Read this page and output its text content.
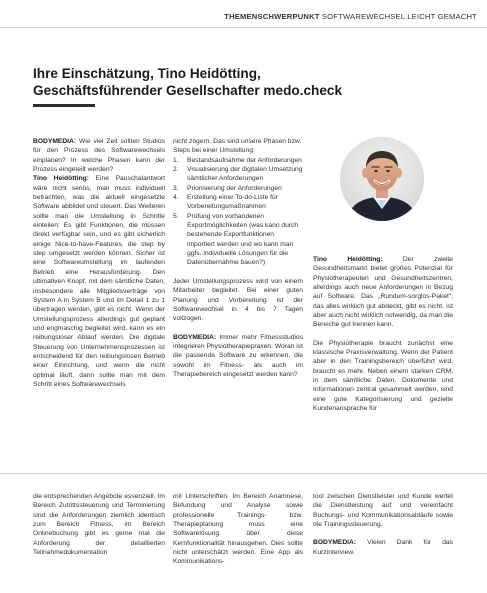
THEMENSCHWERPUNKT SOFTWAREWECHSEL LEICHT GEMACHT
Ihre Einschätzung, Tino Heidötting,
Geschäftsführender Gesellschafter medo.check

BODYMEDIA: Wie viel Zeit sollten Studios für den Prozess des Softwarewechsels einplanen? In welche Phasen kann der Prozess eingeteilt werden?

Tino Heidötting: Eine Pauschalantwort wäre nicht seriös, man muss individuell betrachten, was die aktuell eingesetzte Software abbildet und steuert. Das Weiteren sollte man die Umstellung in Schritte einteilen: Es gibt Funktionen, die müssen direkt verfügbar sein, und es gibt sicherlich einige Nice-to-have-Features, die step by step umgesetzt werden können. Sicher ist eine Softwareumstellung im laufenden Betrieb eine Herausforderung. Den ultimativen Knopf, mit dem sämtliche Daten, insbesondere alle Mitgliedsverträge von System A in System B und im Detail 1 zu 1 übertragen werden, gibt es nicht. Wenn der Umstellungsprozess allerdings gut geplant und engmaschig begleitet wird, kann es ein reibungsloser Ablauf werden. Die digitale Steuerung von Unternehmensprozessen ist entscheidend für den reibungslosen Betrieb einer Einrichtung, und wenn die nicht optimal läuft, dann sollte man mit dem Schritt eines Softwarewechsels

nicht zögern. Das sind unsere Phasen bzw. Steps bei einer Umstellung:

1. Bestandsaufnahme der Anforderungen
2. Visualisierung der digitalen Umsetzung sämtlicher Anforderungen
3. Priorisierung der Anforderungen
4. Erstellung einer To-do-Liste für Vorbereitungsmaßnahmen
5. Prüfung von vorhandenen Exportmöglichkeiten (was kann durch bestehende Exportfunktionen importiert werden und wo kann man ggfs. individuelle Lösungen für die Datenübernahme bauen?)

Jeder Umstellungsprozess wird von einem Mitarbeiter begleitet. Bei einer guten Planung und Vorbereitung ist der Softwarewechsel in 4 bis 7 Tagen vollzogen.

BODYMEDIA: Immer mehr Fitnessstudios integrieren Physiotherapiepraxen. Woran ist die passende Software zu erkennen, die sowohl im Fitness- als auch im Therapiebereich eingesetzt werden kann?

Tino Heidötting: Der zweite Gesundheitsmarkt bietet großes Potenzial für Physiotherapeuten und Gesundheitszentren, allerdings auch neue Anforderungen in Bezug auf Software. Das „Rundum-sorglos-Paket“, das alles wirklich gut abdeckt, gibt es nicht, ist aber auch nicht wirklich notwendig, da man die Bereiche gut trennen kann.

Die Physiotherapie braucht zunächst eine klassische Praxisverwaltung. Wenn der Patient aber in den Trainingsbereich überführt wird, braucht es mehr. Neben einem starken CRM, in dem sämtliche Daten, Dokumente und Informationen zentral gesammelt werden, sind eine gute Kategorisierung und gezielte Kundenansprache für

die entsprechenden Angebote essenziell. Im Bereich Zutrittssteuerung und Terminierung sind die Anforderungen ziemlich identisch zum Bereich Fitness, im Bereich Onlinebuchung gibt es gerne mal die Anforderung der detaillierten Teilnahmedokumentation

mit Unterschriften. Im Bereich Anamnese, Befundung und Analyse sowie professionelle Trainings- bzw. Therapieplanung muss eine Softwarelösung über diese Kernfunktionalität hinausgehen. Dies sollte nicht unterschätzt werden. Eine App als Kommunikations-

tool zwischen Dienstleister und Kunde wertet die Dienstleistung auf und vereinfacht Buchungs- und Kommunikationsabläufe sowie die Trainingssteuerung.

BODYMEDIA: Vielen Dank für das Kurzinterview.
